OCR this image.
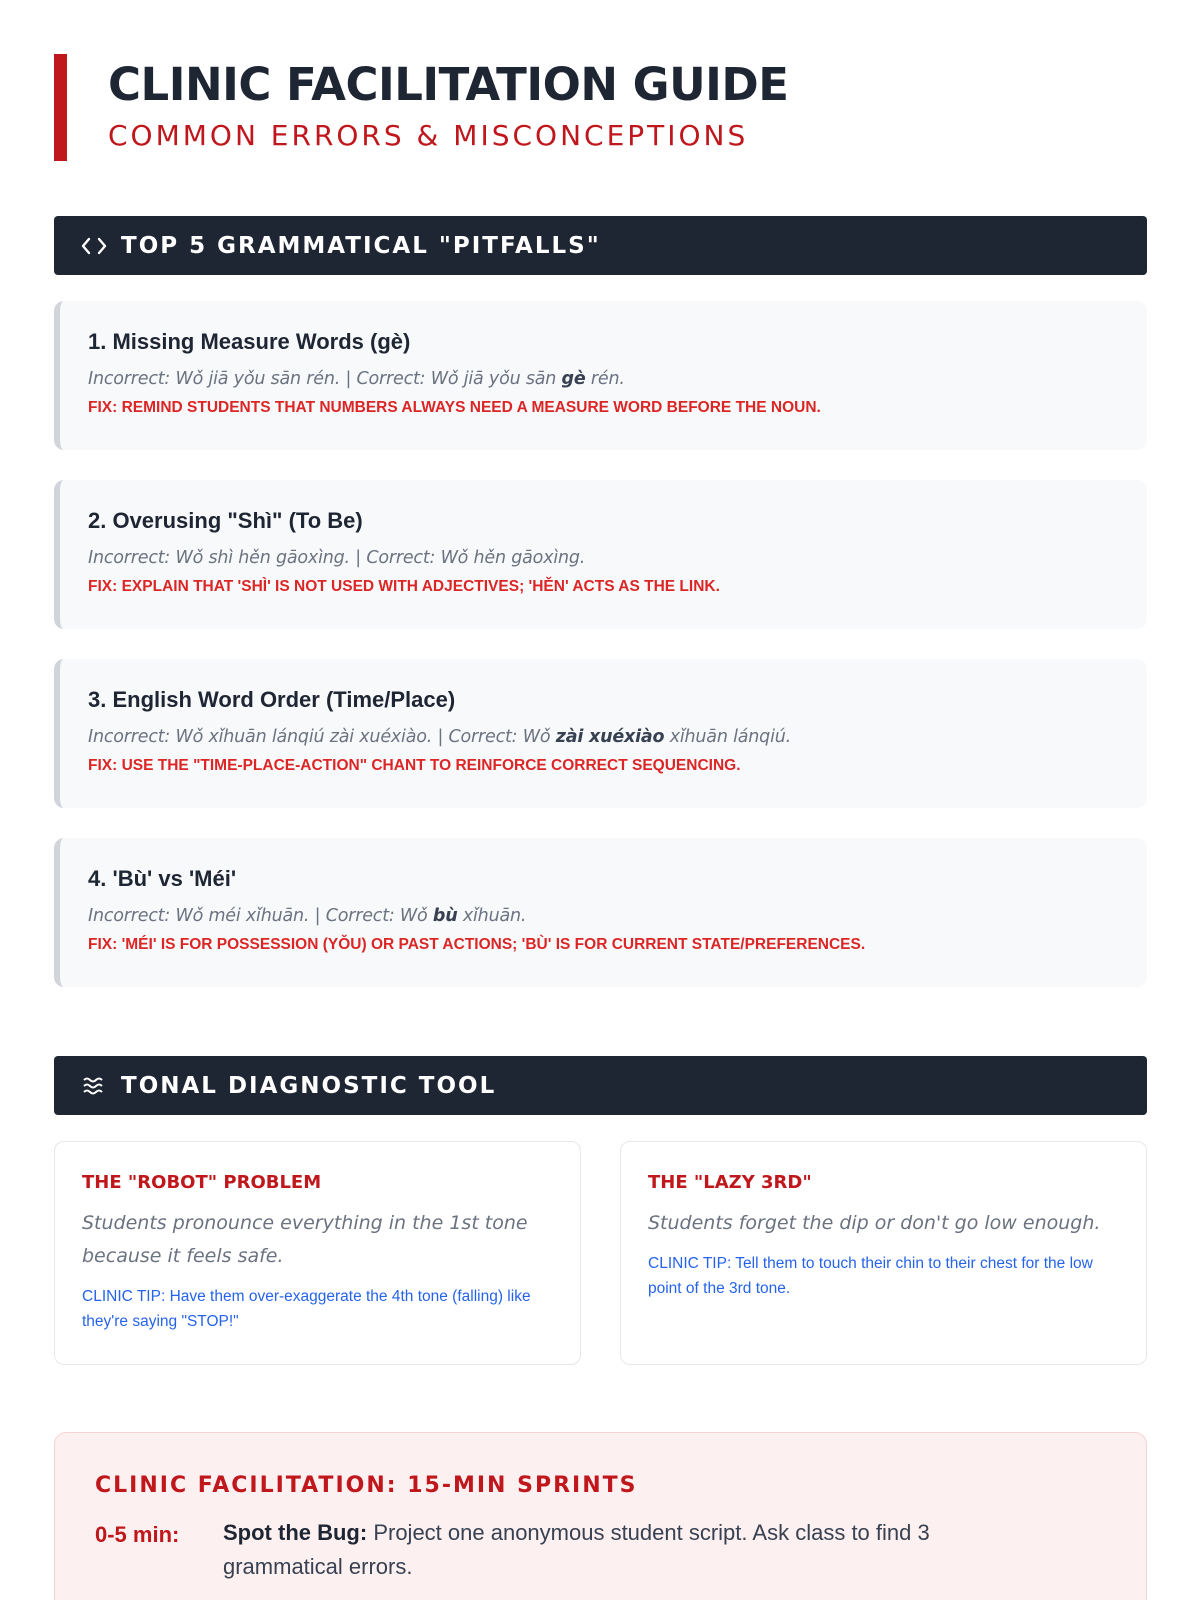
CLINIC FACILITATION GUIDE
COMMON ERRORS & MISCONCEPTIONS
TOP 5 GRAMMATICAL "PITFALLS"
1. Missing Measure Words (gè)
Incorrect: Wǒ jiā yǒu sān rén. | Correct: Wǒ jiā yǒu sān gè rén.
FIX: REMIND STUDENTS THAT NUMBERS ALWAYS NEED A MEASURE WORD BEFORE THE NOUN.
2. Overusing "Shì" (To Be)
Incorrect: Wǒ shì hěn gāoxìng. | Correct: Wǒ hěn gāoxìng.
FIX: EXPLAIN THAT 'SHÌ' IS NOT USED WITH ADJECTIVES; 'HĚN' ACTS AS THE LINK.
3. English Word Order (Time/Place)
Incorrect: Wǒ xǐhuān lánqiú zài xuéxiào. | Correct: Wǒ zài xuéxiào xǐhuān lánqiú.
FIX: USE THE "TIME-PLACE-ACTION" CHANT TO REINFORCE CORRECT SEQUENCING.
4. 'Bù' vs 'Méi'
Incorrect: Wǒ méi xǐhuān. | Correct: Wǒ bù xǐhuān.
FIX: 'MÉI' IS FOR POSSESSION (YǑU) OR PAST ACTIONS; 'BÙ' IS FOR CURRENT STATE/PREFERENCES.
TONAL DIAGNOSTIC TOOL
THE "ROBOT" PROBLEM
Students pronounce everything in the 1st tone because it feels safe.
CLINIC TIP: Have them over-exaggerate the 4th tone (falling) like they're saying "STOP!"
THE "LAZY 3RD"
Students forget the dip or don't go low enough.
CLINIC TIP: Tell them to touch their chin to their chest for the low point of the 3rd tone.
CLINIC FACILITATION: 15-MIN SPRINTS
0-5 min:	Spot the Bug: Project one anonymous student script. Ask class to find 3 grammatical errors.
